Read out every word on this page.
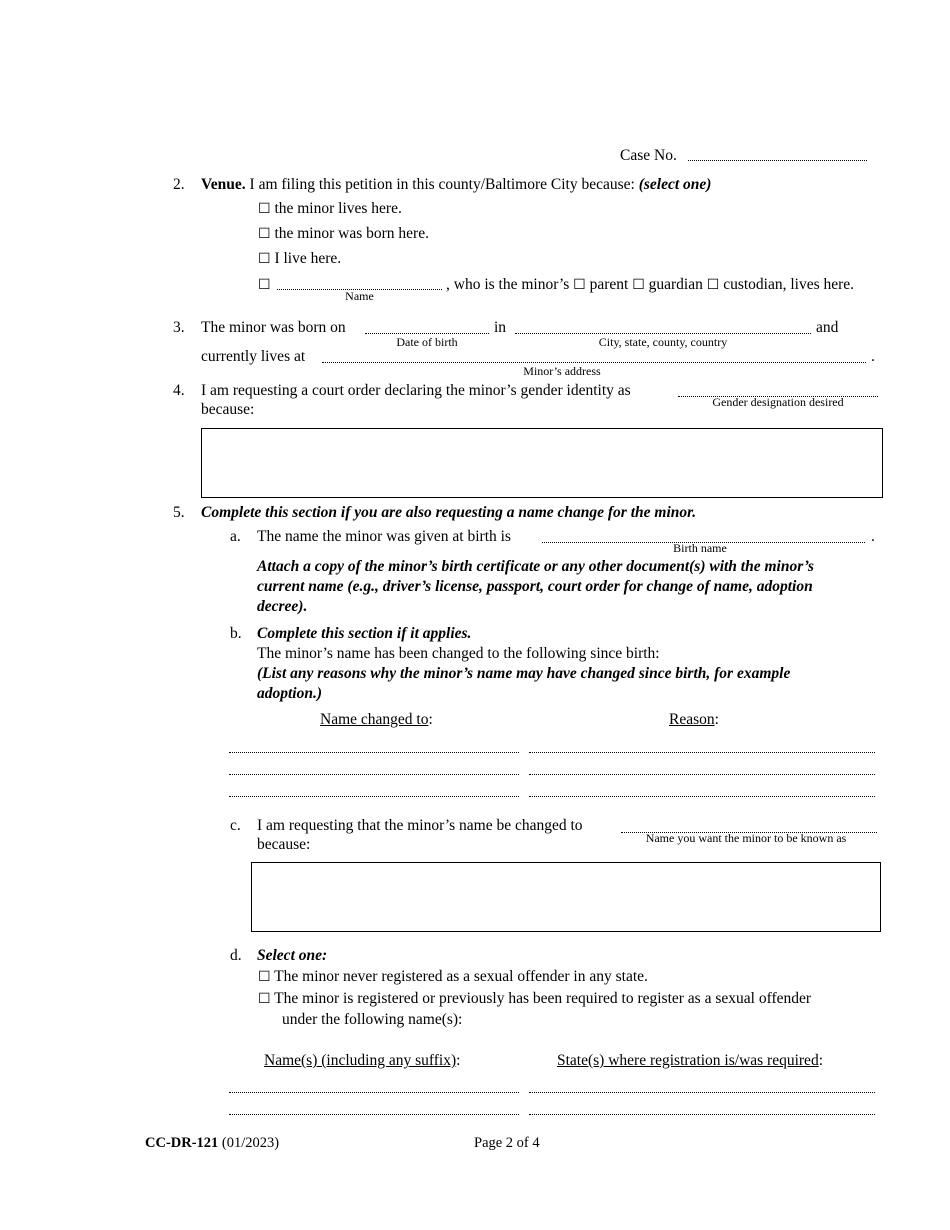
Case No.
2. Venue. I am filing this petition in this county/Baltimore City because: (select one)
☐ the minor lives here.
☐ the minor was born here.
☐ I live here.
☐
Name
, who is the minor’s ☐ parent ☐ guardian ☐ custodian, lives here.
3. The minor was born on
Date of birth
in
City, state, county, country
and
currently lives at	.
Minor’s address
4. I am requesting a court order declaring the minor’s gender identity as
Gender designation desired
because:
5. Complete this section if you are also requesting a name change for the minor.
a. The name the minor was given at birth is	.
Birth name
Attach a copy of the minor’s birth certificate or any other document(s) with the minor’s
current name (e.g., driver’s license, passport, court order for change of name, adoption
decree).
b. Complete this section if it applies.
The minor’s name has been changed to the following since birth:
(List any reasons why the minor’s name may have changed since birth, for example
adoption.)
Name changed to:	Reason:
c. I am requesting that the minor’s name be changed to
Name you want the minor to be known as
because:
d. Select one:
☐ The minor never registered as a sexual offender in any state.
☐ The minor is registered or previously has been required to register as a sexual offender
under the following name(s):
Name(s) (including any suffix):	State(s) where registration is/was required:
CC-DR-121 (01/2023)	Page 2 of 4
